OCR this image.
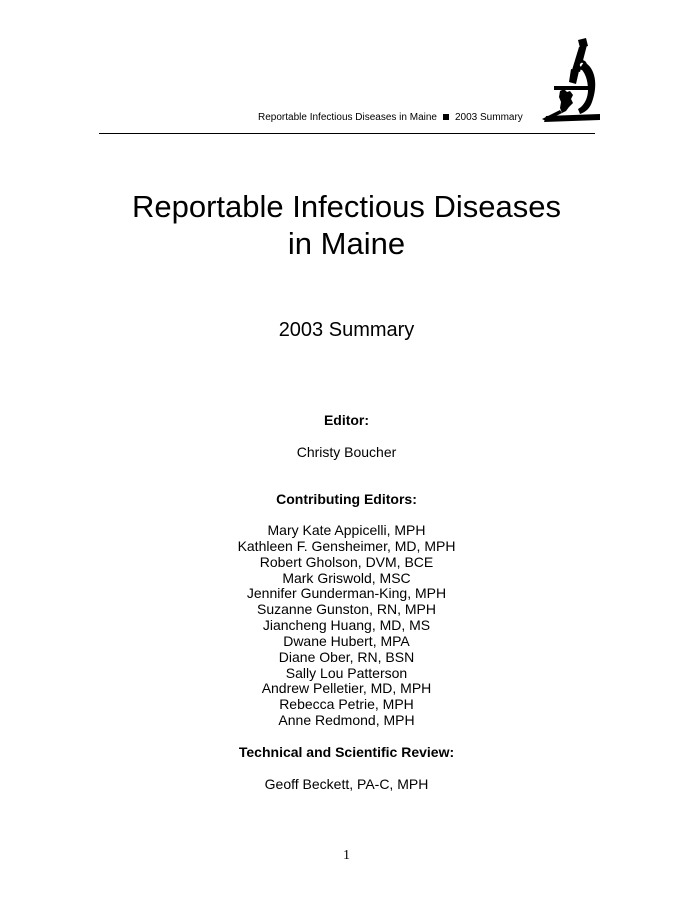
Reportable Infectious Diseases in Maine 2003 Summary
Reportable Infectious Diseases
in Maine
2003 Summary
Editor:
Christy Boucher
Contributing Editors:
Mary Kate Appicelli, MPH
Kathleen F. Gensheimer, MD, MPH
Robert Gholson, DVM, BCE
Mark Griswold, MSC
Jennifer Gunderman-King, MPH
Suzanne Gunston, RN, MPH
Jiancheng Huang, MD, MS
Dwane Hubert, MPA
Diane Ober, RN, BSN
Sally Lou Patterson
Andrew Pelletier, MD, MPH
Rebecca Petrie, MPH
Anne Redmond, MPH
Technical and Scientific Review:
Geoff Beckett, PA-C, MPH
1
